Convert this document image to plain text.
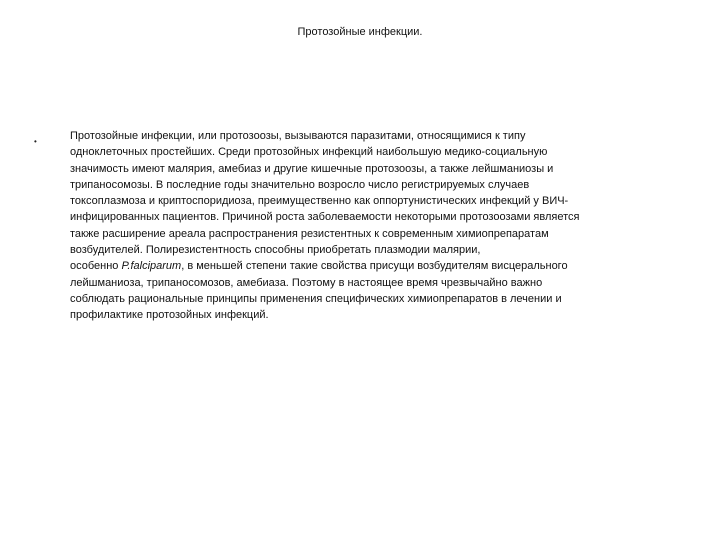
Протозойные инфекции.
•	Протозойные инфекции, или протозоозы, вызываются паразитами, относящимися к типу
одноклеточных простейших. Среди протозойных инфекций наибольшую медико-социальную
значимость имеют малярия, амебиаз и другие кишечные протозоозы, а также лейшманиозы и
трипаносомозы. В последние годы значительно возросло число регистрируемых случаев
токсоплазмоза и криптоспоридиоза, преимущественно как оппортунистических инфекций у ВИЧ-
инфицированных пациентов. Причиной роста заболеваемости некоторыми протозоозами является
также расширение ареала распространения резистентных к современным химиопрепаратам
возбудителей. Полирезистентность способны приобретать плазмодии малярии,
особенно P.falciparum, в меньшей степени такие свойства присущи возбудителям висцерального
лейшманиоза, трипаносомозов, амебиаза. Поэтому в настоящее время чрезвычайно важно
соблюдать рациональные принципы применения специфических химиопрепаратов в лечении и
профилактике протозойных инфекций.
